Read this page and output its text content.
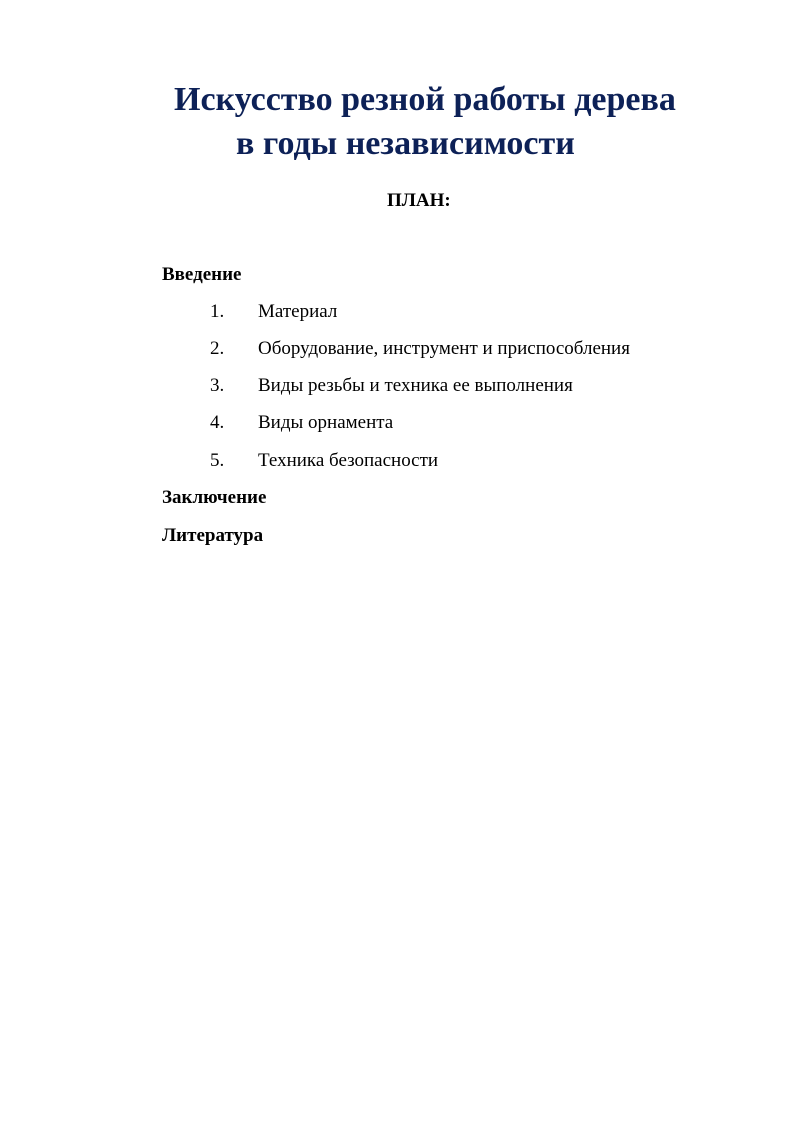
Искусство резной работы дерева
в годы независимости
ПЛАН:
Введение
1. Материал
2. Оборудование, инструмент и приспособления
3. Виды резьбы и техника ее выполнения
4. Виды орнамента
5. Техника безопасности
Заключение
Литература
